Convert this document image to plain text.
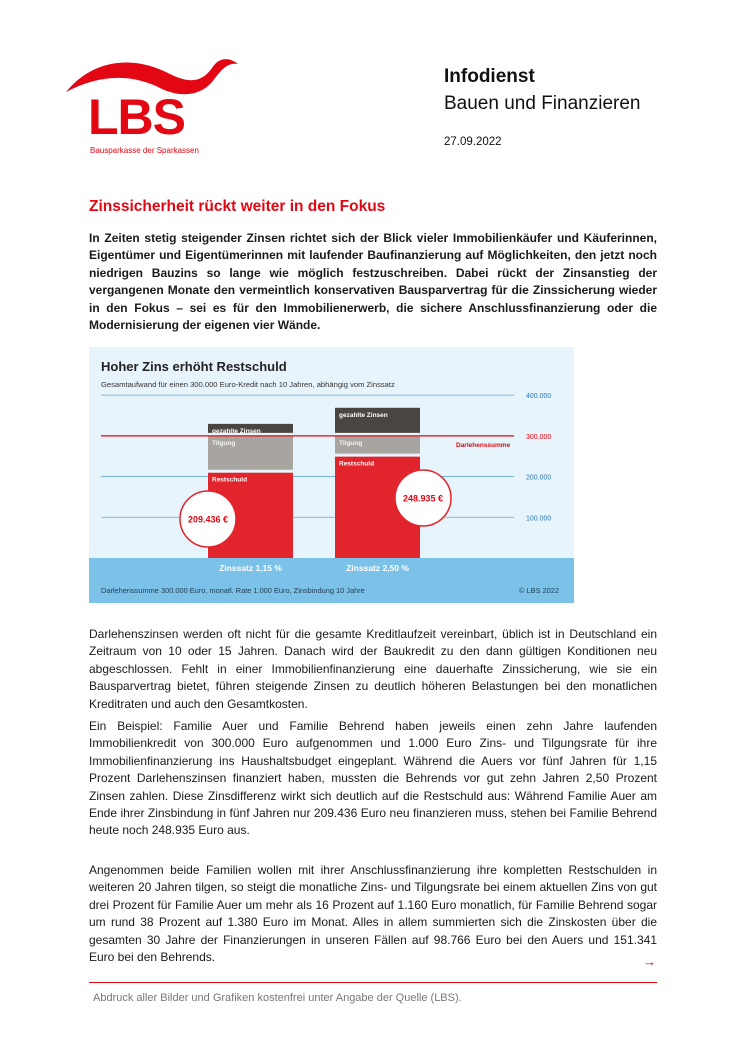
LBS
Bausparkasse der Sparkassen
Infodienst
Bauen und Finanzieren
27.09.2022
Zinssicherheit rückt weiter in den Fokus
In Zeiten stetig steigender Zinsen richtet sich der Blick vieler Immobilienkäufer und Käuferinnen, Eigentümer und Eigentümerinnen mit laufender Baufinanzierung auf Möglichkeiten, den jetzt noch niedrigen Bauzins so lange wie möglich festzuschreiben. Dabei rückt der Zinsanstieg der vergangenen Monate den vermeintlich konservativen Bausparvertrag für die Zinssicherung wieder in den Fokus – sei es für den Immobilienerwerb, die sichere Anschlussfinanzierung oder die Modernisierung der eigenen vier Wände.
Hoher Zins erhöht Restschuld
Gesamtaufwand für einen 300.000 Euro-Kredit nach 10 Jahren, abhängig vom Zinssatz
100.000
200.000
300.000
400.000
Restschuld
Tilgung
gezahlte Zinsen
Restschuld
Tilgung
gezahlte Zinsen
Darlehenssumme
209.436 €
248.935 €
Zinssatz 1,15 %	Zinssatz 2,50 %
Darlehenssumme 300.000 Euro, monatl. Rate 1.000 Euro, Zinsbindung 10 Jahre	© LBS 2022
Darlehenszinsen werden oft nicht für die gesamte Kreditlaufzeit vereinbart, üblich ist in Deutschland ein Zeitraum von 10 oder 15 Jahren. Danach wird der Baukredit zu den dann gültigen Konditionen neu abgeschlossen. Fehlt in einer Immobilienfinanzierung eine dauerhafte Zinssicherung, wie sie ein Bausparvertrag bietet, führen steigende Zinsen zu deutlich höheren Belastungen bei den monatlichen Kreditraten und auch den Gesamtkosten.
Ein Beispiel: Familie Auer und Familie Behrend haben jeweils einen zehn Jahre laufenden Immobilienkredit von 300.000 Euro aufgenommen und 1.000 Euro Zins- und Tilgungsrate für ihre Immobilienfinanzierung ins Haushaltsbudget eingeplant. Während die Auers vor fünf Jahren für 1,15 Prozent Darlehenszinsen finanziert haben, mussten die Behrends vor gut zehn Jahren 2,50 Prozent Zinsen zahlen. Diese Zinsdifferenz wirkt sich deutlich auf die Restschuld aus: Während Familie Auer am Ende ihrer Zinsbindung in fünf Jahren nur 209.436 Euro neu finanzieren muss, stehen bei Familie Behrend heute noch 248.935 Euro aus.
Angenommen beide Familien wollen mit ihrer Anschlussfinanzierung ihre kompletten Restschulden in weiteren 20 Jahren tilgen, so steigt die monatliche Zins- und Tilgungsrate bei einem aktuellen Zins von gut drei Prozent für Familie Auer um mehr als 16 Prozent auf 1.160 Euro monatlich, für Familie Behrend sogar um rund 38 Prozent auf 1.380 Euro im Monat. Alles in allem summierten sich die Zinskosten über die gesamten 30 Jahre der Finanzierungen in unseren Fällen auf 98.766 Euro bei den Auers und 151.341 Euro bei den Behrends.	→
Abdruck aller Bilder und Grafiken kostenfrei unter Angabe der Quelle (LBS).
